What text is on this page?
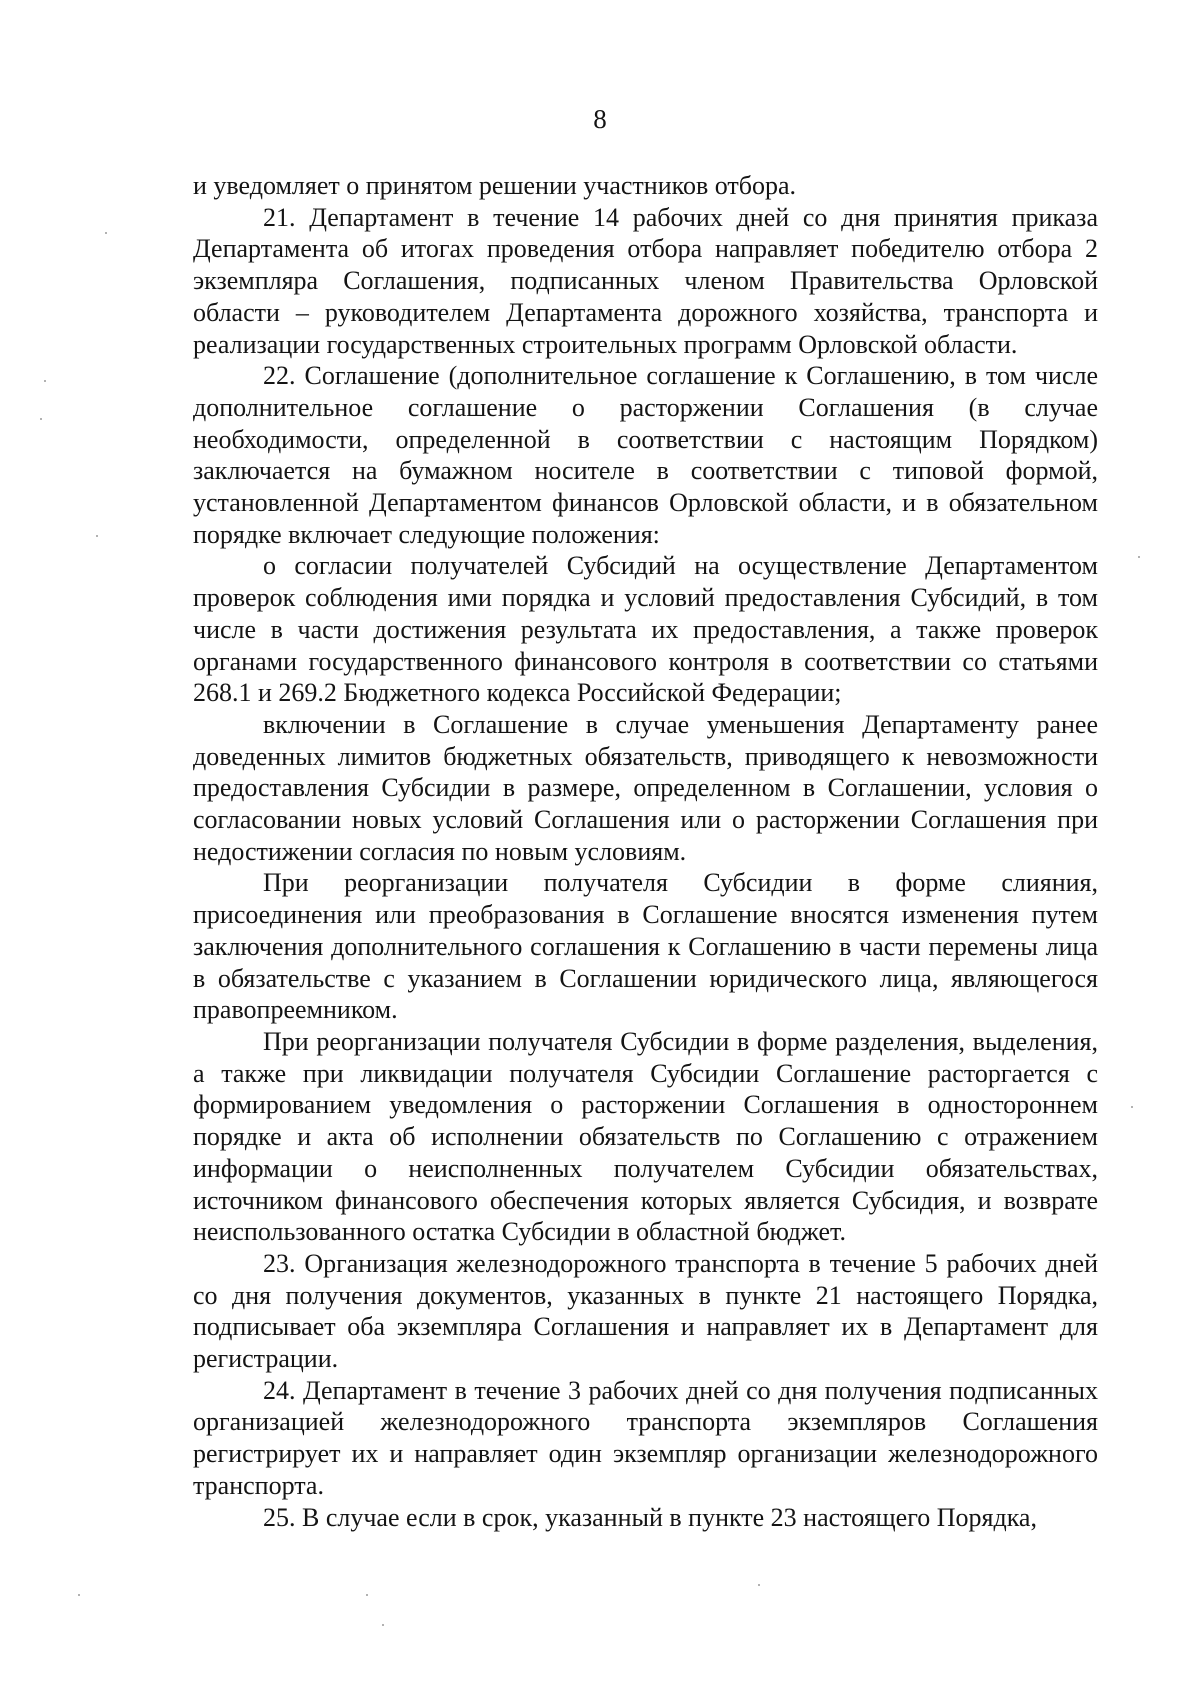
8

и уведомляет о принятом решении участников отбора.

21. Департамент в течение 14 рабочих дней со дня принятия приказа Департамента об итогах проведения отбора направляет победителю отбора 2 экземпляра Соглашения, подписанных членом Правительства Орловской области – руководителем Департамента дорожного хозяйства, транспорта и реализации государственных строительных программ Орловской области.

22. Соглашение (дополнительное соглашение к Соглашению, в том числе дополнительное соглашение о расторжении Соглашения (в случае необходимости, определенной в соответствии с настоящим Порядком) заключается на бумажном носителе в соответствии с типовой формой, установленной Департаментом финансов Орловской области, и в обязательном порядке включает следующие положения:

о согласии получателей Субсидий на осуществление Департаментом проверок соблюдения ими порядка и условий предоставления Субсидий, в том числе в части достижения результата их предоставления, а также проверок органами государственного финансового контроля в соответствии со статьями 268.1 и 269.2 Бюджетного кодекса Российской Федерации;

включении в Соглашение в случае уменьшения Департаменту ранее доведенных лимитов бюджетных обязательств, приводящего к невозможности предоставления Субсидии в размере, определенном в Соглашении, условия о согласовании новых условий Соглашения или о расторжении Соглашения при недостижении согласия по новым условиям.

При реорганизации получателя Субсидии в форме слияния, присоединения или преобразования в Соглашение вносятся изменения путем заключения дополнительного соглашения к Соглашению в части перемены лица в обязательстве с указанием в Соглашении юридического лица, являющегося правопреемником.

При реорганизации получателя Субсидии в форме разделения, выделения, а также при ликвидации получателя Субсидии Соглашение расторгается с формированием уведомления о расторжении Соглашения в одностороннем порядке и акта об исполнении обязательств по Соглашению с отражением информации о неисполненных получателем Субсидии обязательствах, источником финансового обеспечения которых является Субсидия, и возврате неиспользованного остатка Субсидии в областной бюджет.

23. Организация железнодорожного транспорта в течение 5 рабочих дней со дня получения документов, указанных в пункте 21 настоящего Порядка, подписывает оба экземпляра Соглашения и направляет их в Департамент для регистрации.

24. Департамент в течение 3 рабочих дней со дня получения подписанных организацией железнодорожного транспорта экземпляров Соглашения регистрирует их и направляет один экземпляр организации железнодорожного транспорта.

25. В случае если в срок, указанный в пункте 23 настоящего Порядка,
